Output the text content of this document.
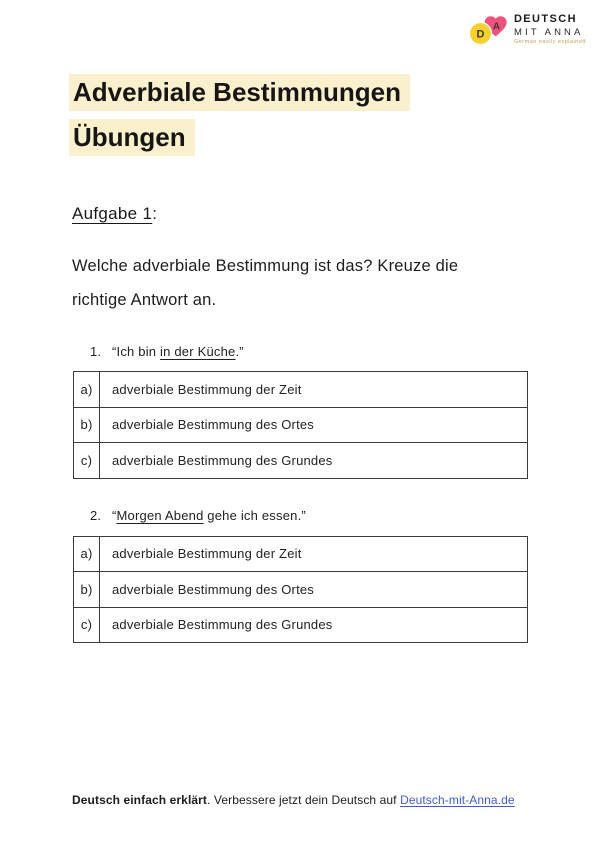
D
A
DEUTSCH
MIT ANNA
German easily explained
Adverbiale Bestimmungen
Übungen
Aufgabe 1:
Welche adverbiale Bestimmung ist das? Kreuze die
richtige Antwort an.
1. “Ich bin in der Küche.”
a)	adverbiale Bestimmung der Zeit
b)	adverbiale Bestimmung des Ortes
c)	adverbiale Bestimmung des Grundes
2. “Morgen Abend gehe ich essen.”
a)	adverbiale Bestimmung der Zeit
b)	adverbiale Bestimmung des Ortes
c)	adverbiale Bestimmung des Grundes
Deutsch einfach erklärt. Verbessere jetzt dein Deutsch auf Deutsch-mit-Anna.de
